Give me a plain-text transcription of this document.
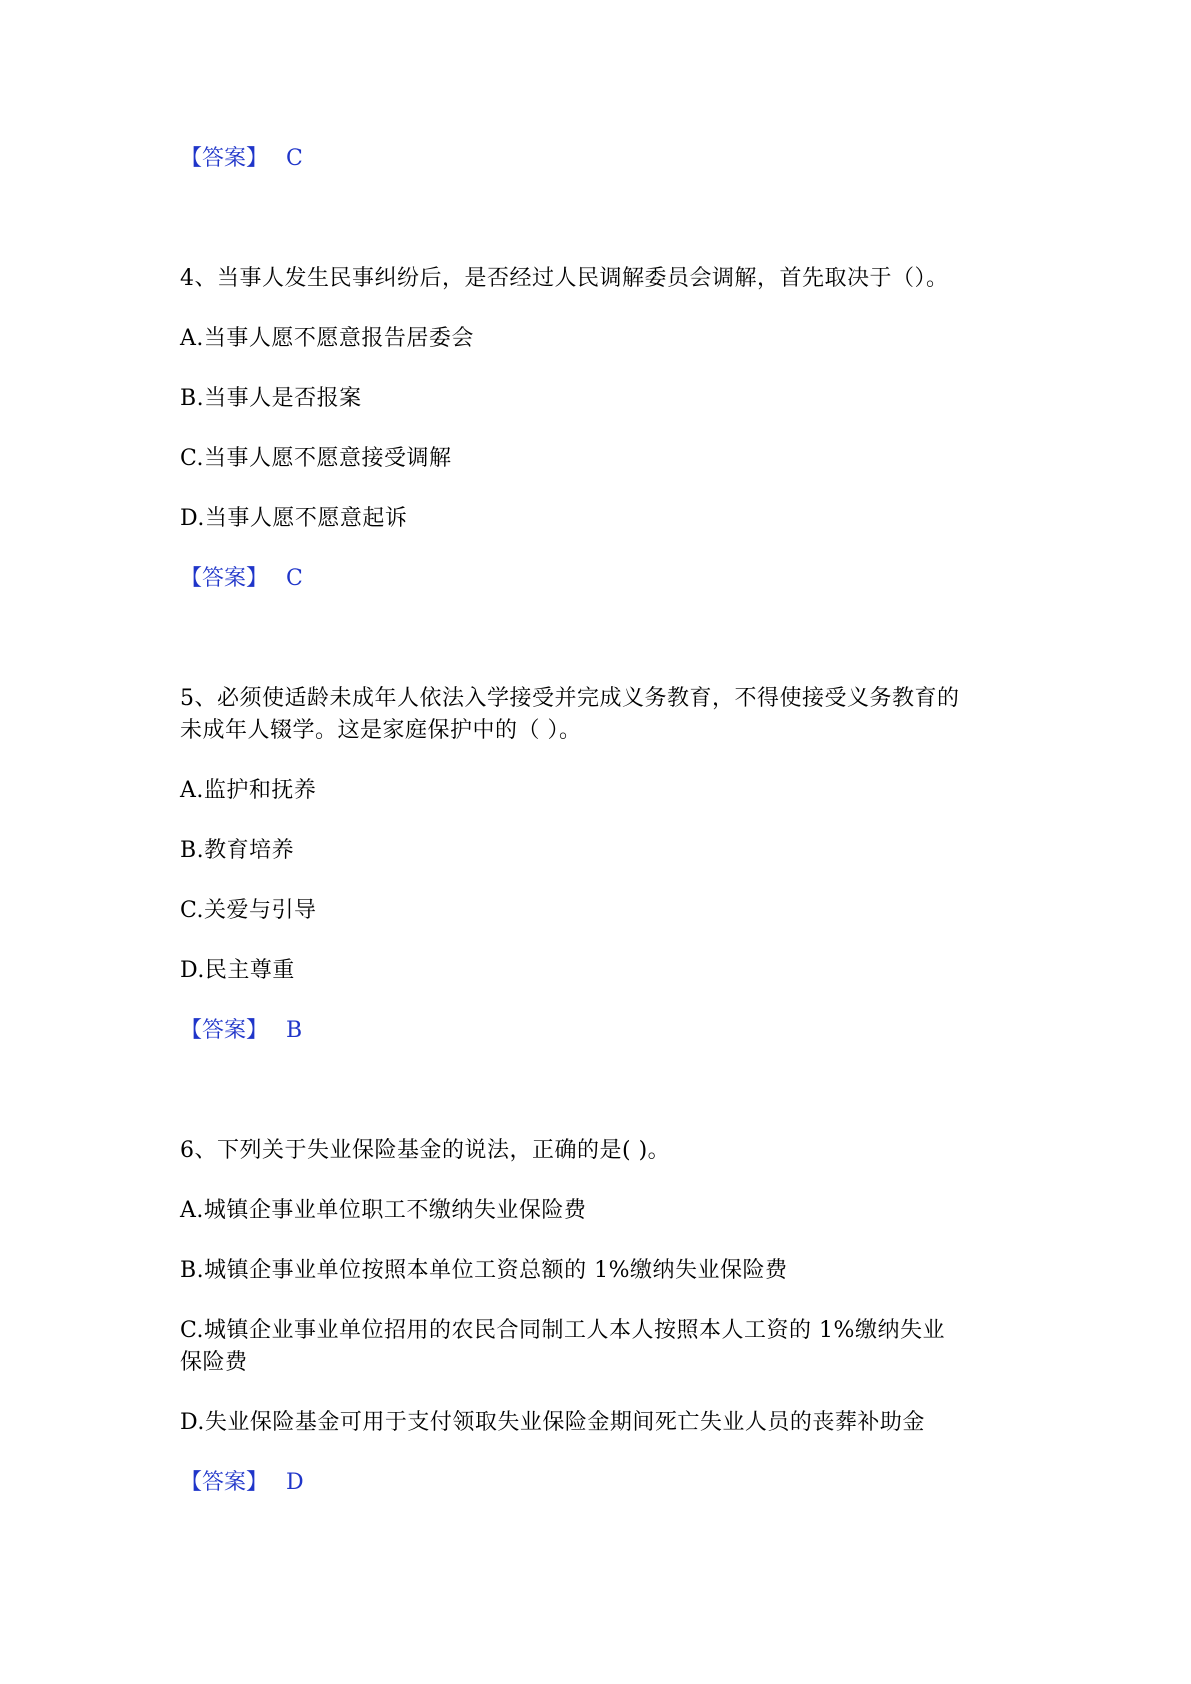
【答案】 C
4、当事人发生民事纠纷后，是否经过人民调解委员会调解，首先取决于（）。
A.当事人愿不愿意报告居委会
B.当事人是否报案
C.当事人愿不愿意接受调解
D.当事人愿不愿意起诉
【答案】 C
5、必须使适龄未成年人依法入学接受并完成义务教育，不得使接受义务教育的
未成年人辍学。这是家庭保护中的（ ）。
A.监护和抚养
B.教育培养
C.关爱与引导
D.民主尊重
【答案】 B
6、下列关于失业保险基金的说法，正确的是( )。
A.城镇企事业单位职工不缴纳失业保险费
B.城镇企事业单位按照本单位工资总额的 1%缴纳失业保险费
C.城镇企业事业单位招用的农民合同制工人本人按照本人工资的 1%缴纳失业
保险费
D.失业保险基金可用于支付领取失业保险金期间死亡失业人员的丧葬补助金
【答案】 D
